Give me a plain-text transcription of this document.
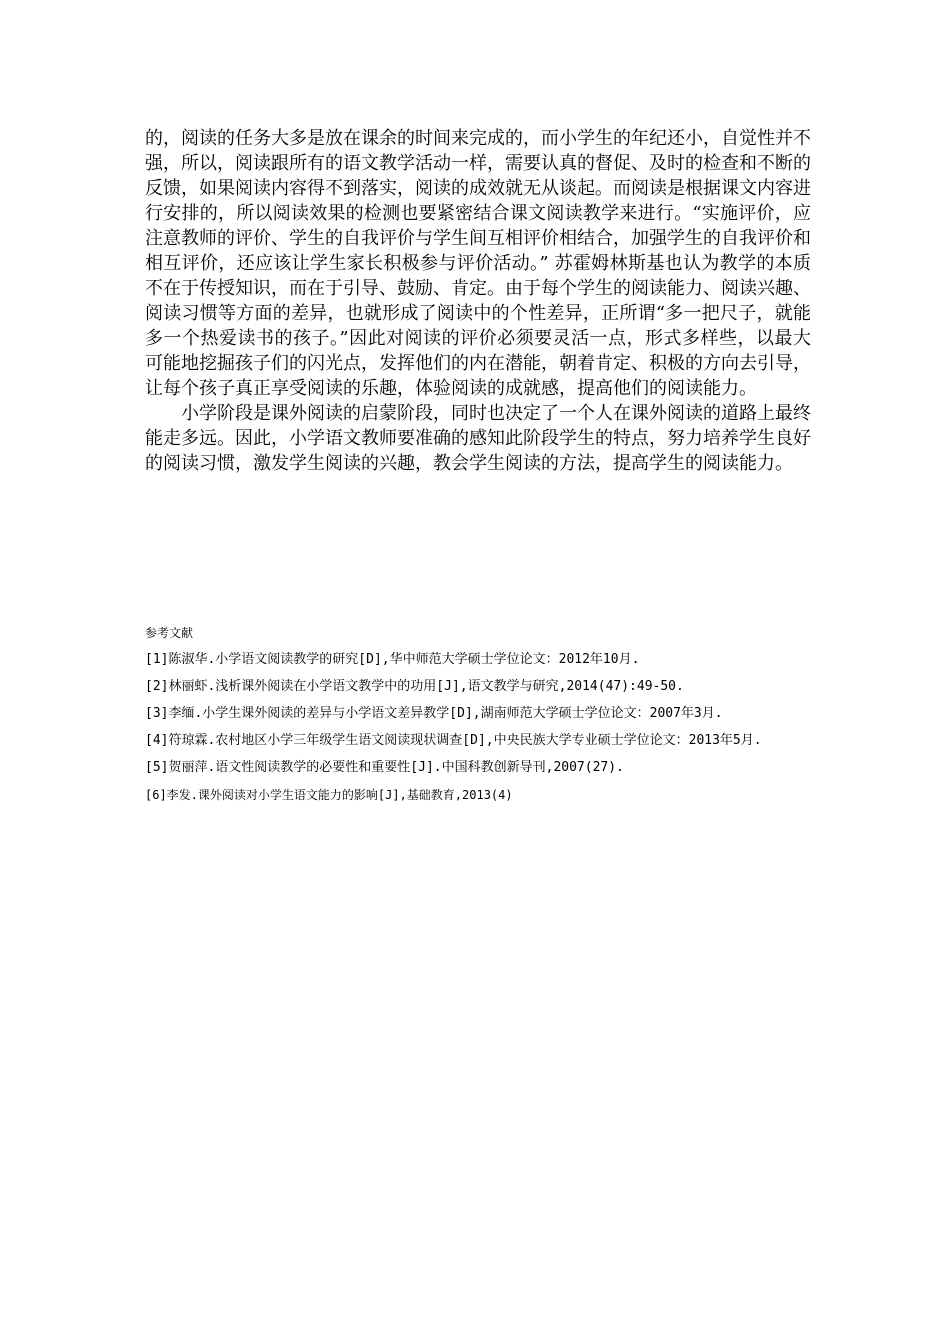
的，阅读的任务大多是放在课余的时间来完成的，而小学生的年纪还小，自觉性并不强，所以，阅读跟所有的语文教学活动一样，需要认真的督促、及时的检查和不断的反馈，如果阅读内容得不到落实，阅读的成效就无从谈起。而阅读是根据课文内容进行安排的，所以阅读效果的检测也要紧密结合课文阅读教学来进行。“实施评价，应注意教师的评价、学生的自我评价与学生间互相评价相结合，加强学生的自我评价和相互评价，还应该让学生家长积极参与评价活动。” 苏霍姆林斯基也认为教学的本质不在于传授知识，而在于引导、鼓励、肯定。由于每个学生的阅读能力、阅读兴趣、阅读习惯等方面的差异，也就形成了阅读中的个性差异，正所谓“多一把尺子，就能多一个热爱读书的孩子。”因此对阅读的评价必须要灵活一点，形式多样些，以最大可能地挖掘孩子们的闪光点，发挥他们的内在潜能，朝着肯定、积极的方向去引导，让每个孩子真正享受阅读的乐趣，体验阅读的成就感，提高他们的阅读能力。

小学阶段是课外阅读的启蒙阶段，同时也决定了一个人在课外阅读的道路上最终能走多远。因此，小学语文教师要准确的感知此阶段学生的特点，努力培养学生良好的阅读习惯，激发学生阅读的兴趣，教会学生阅读的方法，提高学生的阅读能力。

参考文献
[1]陈淑华.小学语文阅读教学的研究[D],华中师范大学硕士学位论文：2012年10月.
[2]林丽虾.浅析课外阅读在小学语文教学中的功用[J],语文教学与研究,2014(47):49-50.
[3]李缅.小学生课外阅读的差异与小学语文差异教学[D],湖南师范大学硕士学位论文：2007年3月.
[4]符琼霖.农村地区小学三年级学生语文阅读现状调查[D],中央民族大学专业硕士学位论文：2013年5月.
[5]贺丽萍.语文性阅读教学的必要性和重要性[J].中国科教创新导刊,2007(27).
[6]李发.课外阅读对小学生语文能力的影响[J],基础教育,2013(4)
